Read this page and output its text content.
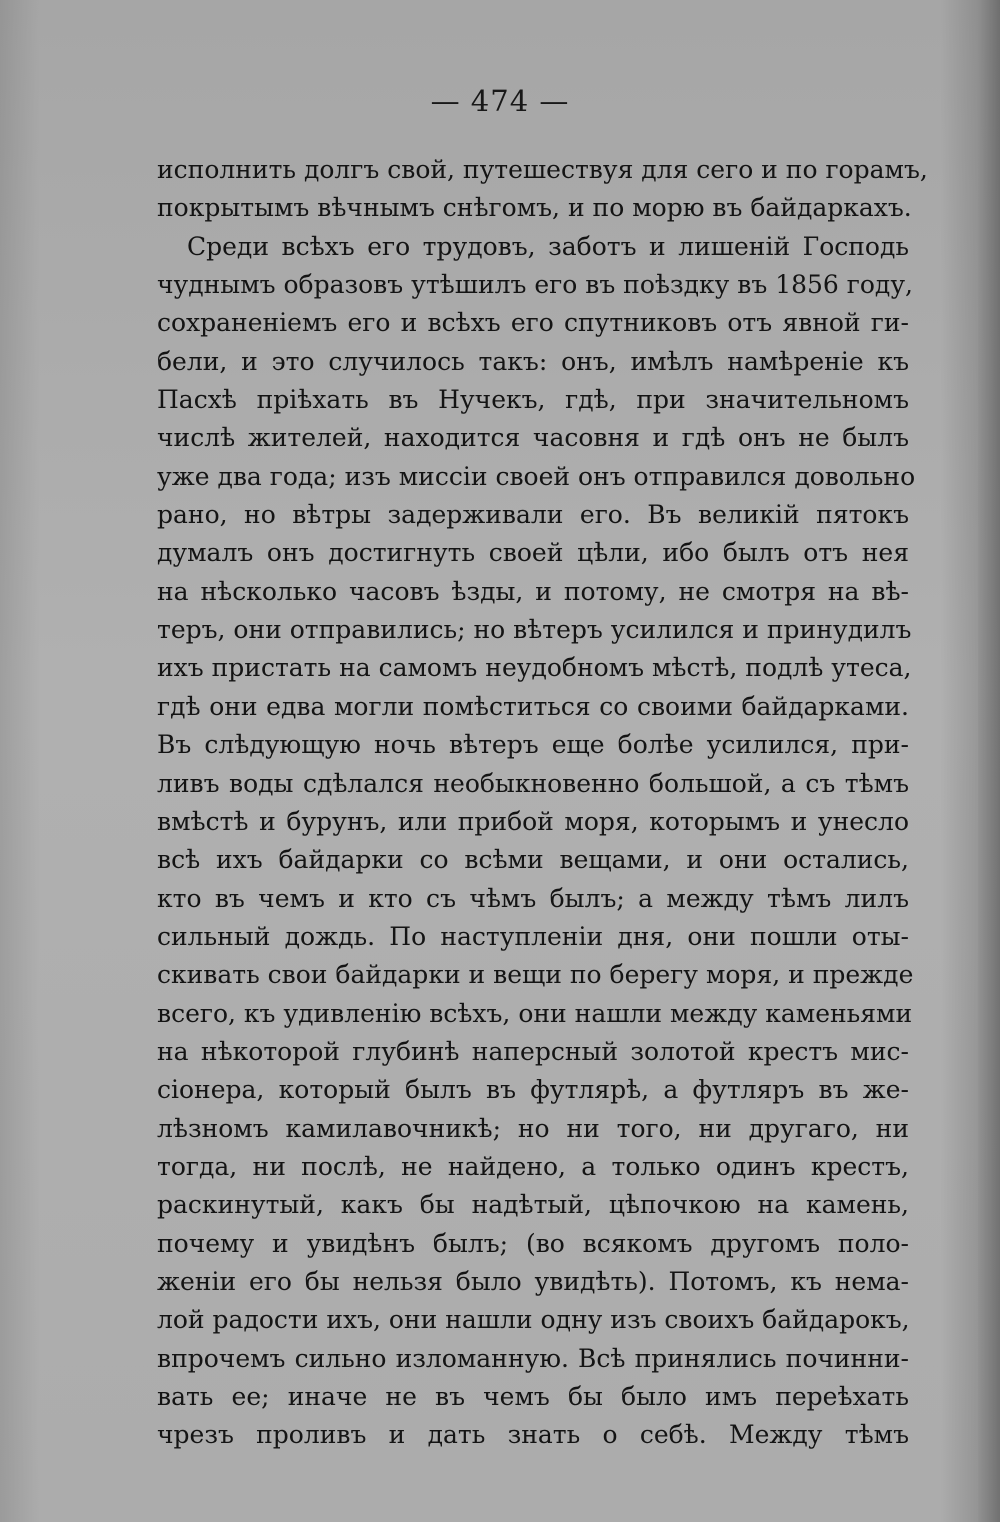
— 474 —
исполнить долгъ свой, путешествуя для сего и по горамъ,
покрытымъ вѣчнымъ снѣгомъ, и по морю въ байдаркахъ.
Среди всѣхъ его трудовъ, заботъ и лишеній Господь
чуднымъ образовъ утѣшилъ его въ поѣздку въ 1856 году,
сохраненіемъ его и всѣхъ его спутниковъ отъ явной ги-
бели, и это случилось такъ: онъ, имѣлъ намѣреніе къ
Пасхѣ пріѣхать въ Нучекъ, гдѣ, при значительномъ
числѣ жителей, находится часовня и гдѣ онъ не былъ
уже два года; изъ миссіи своей онъ отправился довольно
рано, но вѣтры задерживали его. Въ великій пятокъ
думалъ онъ достигнуть своей цѣли, ибо былъ отъ нея
на нѣсколько часовъ ѣзды, и потому, не смотря на вѣ-
теръ, они отправились; но вѣтеръ усилился и принудилъ
ихъ пристать на самомъ неудобномъ мѣстѣ, подлѣ утеса,
гдѣ они едва могли помѣститься со своими байдарками.
Въ слѣдующую ночь вѣтеръ еще болѣе усилился, при-
ливъ воды сдѣлался необыкновенно большой, а съ тѣмъ
вмѣстѣ и бурунъ, или прибой моря, которымъ и унесло
всѣ ихъ байдарки со всѣми вещами, и они остались,
кто въ чемъ и кто съ чѣмъ былъ; а между тѣмъ лилъ
сильный дождь. По наступленіи дня, они пошли оты-
скивать свои байдарки и вещи по берегу моря, и прежде
всего, къ удивленію всѣхъ, они нашли между каменьями
на нѣкоторой глубинѣ наперсный золотой крестъ мис-
сіонера, который былъ въ футлярѣ, а футляръ въ же-
лѣзномъ камилавочникѣ; но ни того, ни другаго, ни
тогда, ни послѣ, не найдено, а только одинъ крестъ,
раскинутый, какъ бы надѣтый, цѣпочкою на камень,
почему и увидѣнъ былъ; (во всякомъ другомъ поло-
женіи его бы нельзя было увидѣть). Потомъ, къ нема-
лой радости ихъ, они нашли одну изъ своихъ байдарокъ,
впрочемъ сильно изломанную. Всѣ принялись починни-
вать ее; иначе не въ чемъ бы было имъ переѣхать
чрезъ проливъ и дать знать о себѣ. Между тѣмъ
